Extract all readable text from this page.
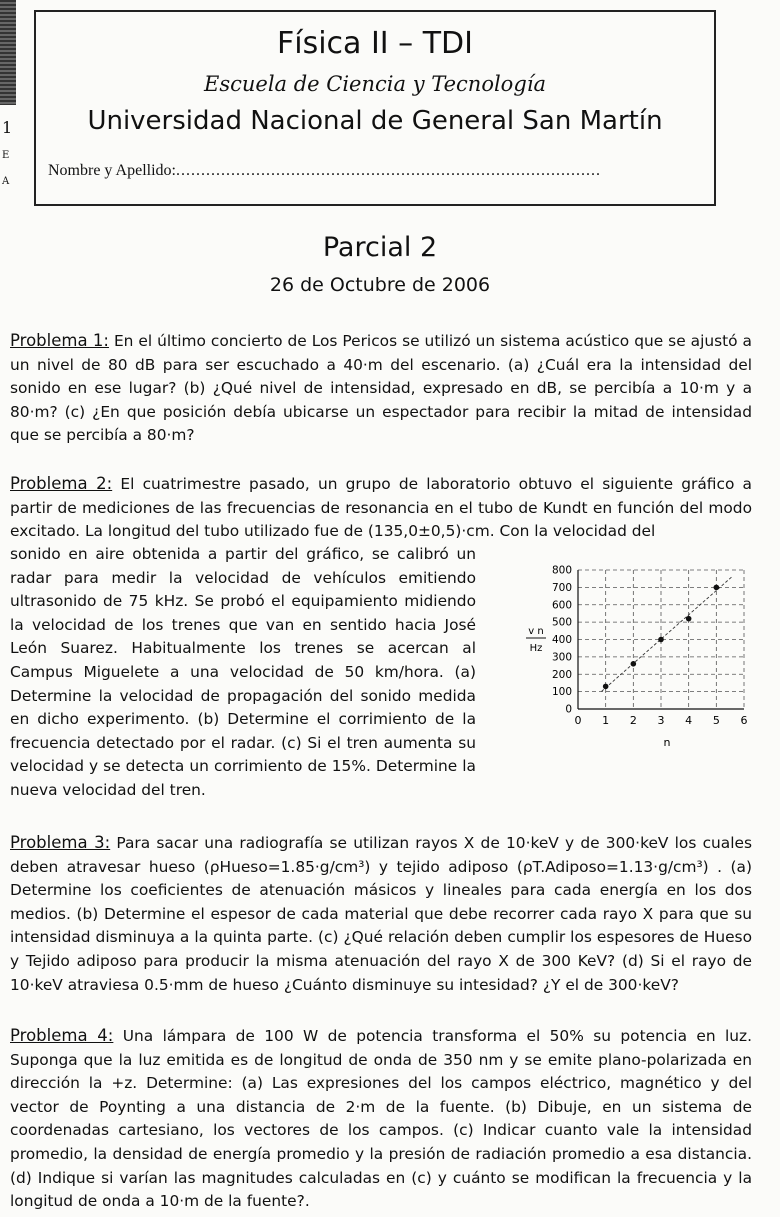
1
E
A
Física II – TDI
Escuela de Ciencia y Tecnología
Universidad Nacional de General San Martín
Nombre y Apellido:.....................................................................................
Parcial 2
26 de Octubre de 2006
Problema 1: En el último concierto de Los Pericos se utilizó un sistema acústico que se ajustó a un nivel de 80 dB para ser escuchado a 40·m del escenario. (a) ¿Cuál era la intensidad del sonido en ese lugar? (b) ¿Qué nivel de intensidad, expresado en dB, se percibía a 10·m y a 80·m? (c) ¿En que posición debía ubicarse un espectador para recibir la mitad de intensidad que se percibía a 80·m?
Problema 2: El cuatrimestre pasado, un grupo de laboratorio obtuvo el siguiente gráfico a partir de mediciones de las frecuencias de resonancia en el tubo de Kundt en función del modo excitado. La longitud del tubo utilizado fue de (135,0±0,5)·cm. Con la velocidad del
sonido en aire obtenida a partir del gráfico, se calibró un radar para medir la velocidad de vehículos emitiendo ultrasonido de 75 kHz. Se probó el equipamiento midiendo la velocidad de los trenes que van en sentido hacia José León Suarez. Habitualmente los trenes se acercan al Campus Miguelete a una velocidad de 50 km/hora. (a) Determine la velocidad de propagación del sonido medida en dicho experimento. (b) Determine el corrimiento de la frecuencia detectado por el radar. (c) Si el tren aumenta su velocidad y se detecta un corrimiento de 15%. Determine la nueva velocidad del tren.
0
100
200
300
400
500
600
700
800
0 1 2 3 4 5 6
v n
Hz
n
Problema 3: Para sacar una radiografía se utilizan rayos X de 10·keV y de 300·keV los cuales deben atravesar hueso (ρHueso=1.85·g/cm³) y tejido adiposo (ρT.Adiposo=1.13·g/cm³) . (a) Determine los coeficientes de atenuación másicos y lineales para cada energía en los dos medios. (b) Determine el espesor de cada material que debe recorrer cada rayo X para que su intensidad disminuya a la quinta parte. (c) ¿Qué relación deben cumplir los espesores de Hueso y Tejido adiposo para producir la misma atenuación del rayo X de 300 KeV? (d) Si el rayo de 10·keV atraviesa 0.5·mm de hueso ¿Cuánto disminuye su intesidad? ¿Y el de 300·keV?
Problema 4: Una lámpara de 100 W de potencia transforma el 50% su potencia en luz. Suponga que la luz emitida es de longitud de onda de 350 nm y se emite plano-polarizada en dirección la +z. Determine: (a) Las expresiones del los campos eléctrico, magnético y del vector de Poynting a una distancia de 2·m de la fuente. (b) Dibuje, en un sistema de coordenadas cartesiano, los vectores de los campos. (c) Indicar cuanto vale la intensidad promedio, la densidad de energía promedio y la presión de radiación promedio a esa distancia. (d) Indique si varían las magnitudes calculadas en (c) y cuánto se modifican la frecuencia y la longitud de onda a 10·m de la fuente?.
